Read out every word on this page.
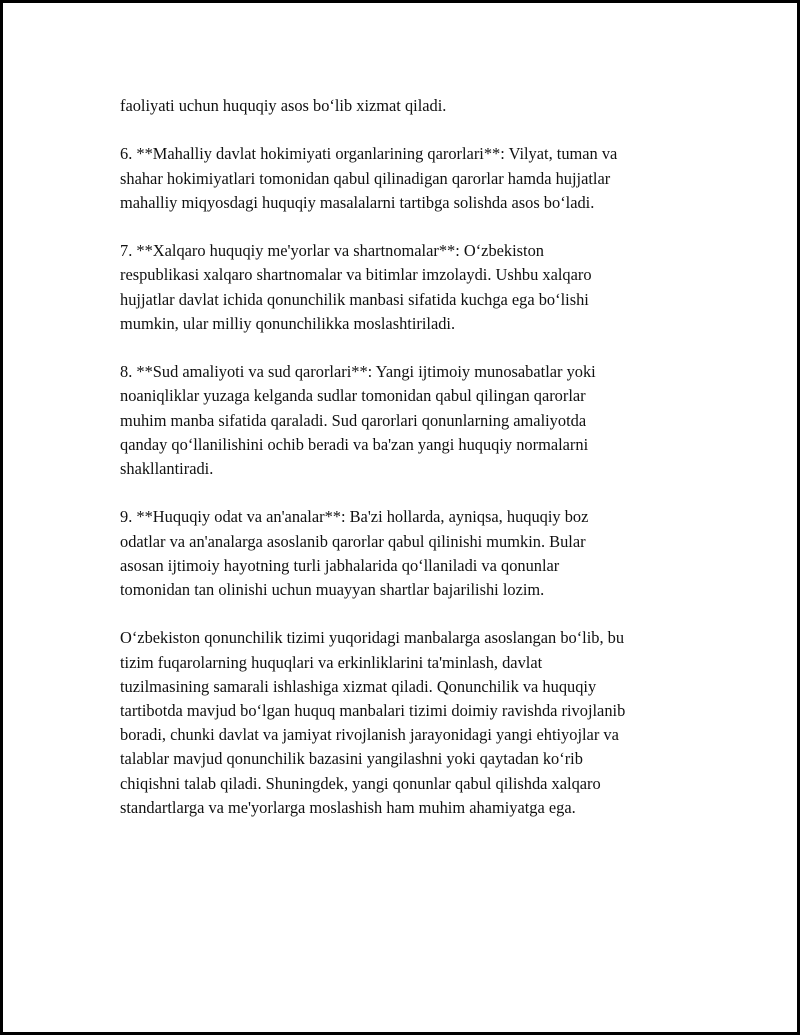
faoliyati uchun huquqiy asos bo‘lib xizmat qiladi.

6. **Mahalliy davlat hokimiyati organlarining qarorlari**: Vilyat, tuman va
shahar hokimiyatlari tomonidan qabul qilinadigan qarorlar hamda hujjatlar
mahalliy miqyosdagi huquqiy masalalarni tartibga solishda asos bo‘ladi.

7. **Xalqaro huquqiy me'yorlar va shartnomalar**: O‘zbekiston
respublikasi xalqaro shartnomalar va bitimlar imzolaydi. Ushbu xalqaro
hujjatlar davlat ichida qonunchilik manbasi sifatida kuchga ega bo‘lishi
mumkin, ular milliy qonunchilikka moslashtiriladi.

8. **Sud amaliyoti va sud qarorlari**: Yangi ijtimoiy munosabatlar yoki
noaniqliklar yuzaga kelganda sudlar tomonidan qabul qilingan qarorlar
muhim manba sifatida qaraladi. Sud qarorlari qonunlarning amaliyotda
qanday qo‘llanilishini ochib beradi va ba'zan yangi huquqiy normalarni
shakllantiradi.

9. **Huquqiy odat va an'analar**: Ba'zi hollarda, ayniqsa, huquqiy boz
odatlar va an'analarga asoslanib qarorlar qabul qilinishi mumkin. Bular
asosan ijtimoiy hayotning turli jabhalarida qo‘llaniladi va qonunlar
tomonidan tan olinishi uchun muayyan shartlar bajarilishi lozim.

O‘zbekiston qonunchilik tizimi yuqoridagi manbalarga asoslangan bo‘lib, bu
tizim fuqarolarning huquqlari va erkinliklarini ta'minlash, davlat
tuzilmasining samarali ishlashiga xizmat qiladi. Qonunchilik va huquqiy
tartibotda mavjud bo‘lgan huquq manbalari tizimi doimiy ravishda rivojlanib
boradi, chunki davlat va jamiyat rivojlanish jarayonidagi yangi ehtiyojlar va
talablar mavjud qonunchilik bazasini yangilashni yoki qaytadan ko‘rib
chiqishni talab qiladi. Shuningdek, yangi qonunlar qabul qilishda xalqaro
standartlarga va me'yorlarga moslashish ham muhim ahamiyatga ega.
